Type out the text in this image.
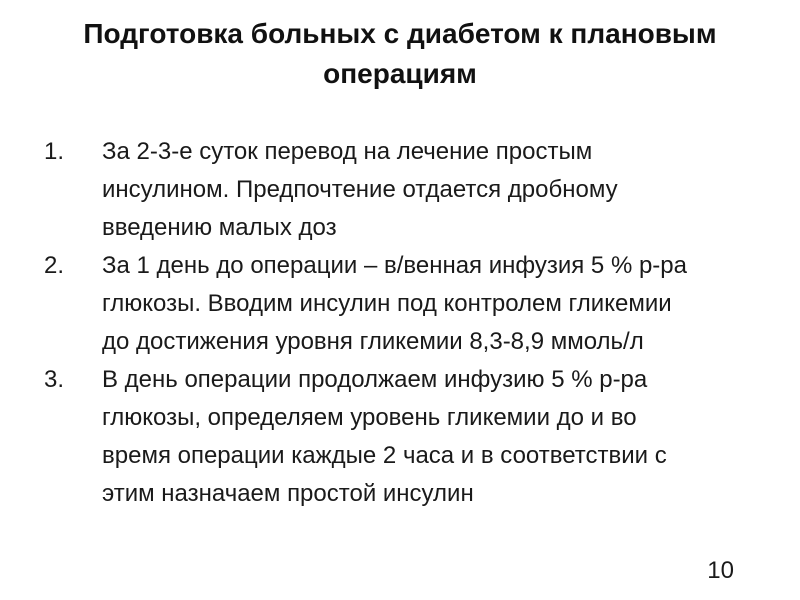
Подготовка больных с диабетом к плановым
операциям
1.	За 2-3-е суток перевод на лечение простым
инсулином. Предпочтение отдается дробному
введению малых доз
2.	За 1 день до операции – в/венная инфузия 5 % р-ра
глюкозы. Вводим инсулин под контролем гликемии
до достижения уровня гликемии 8,3-8,9 ммоль/л
3.	В день операции продолжаем инфузию 5 % р-ра
глюкозы, определяем уровень гликемии до и во
время операции каждые 2 часа и в соответствии с
этим назначаем простой инсулин
10
